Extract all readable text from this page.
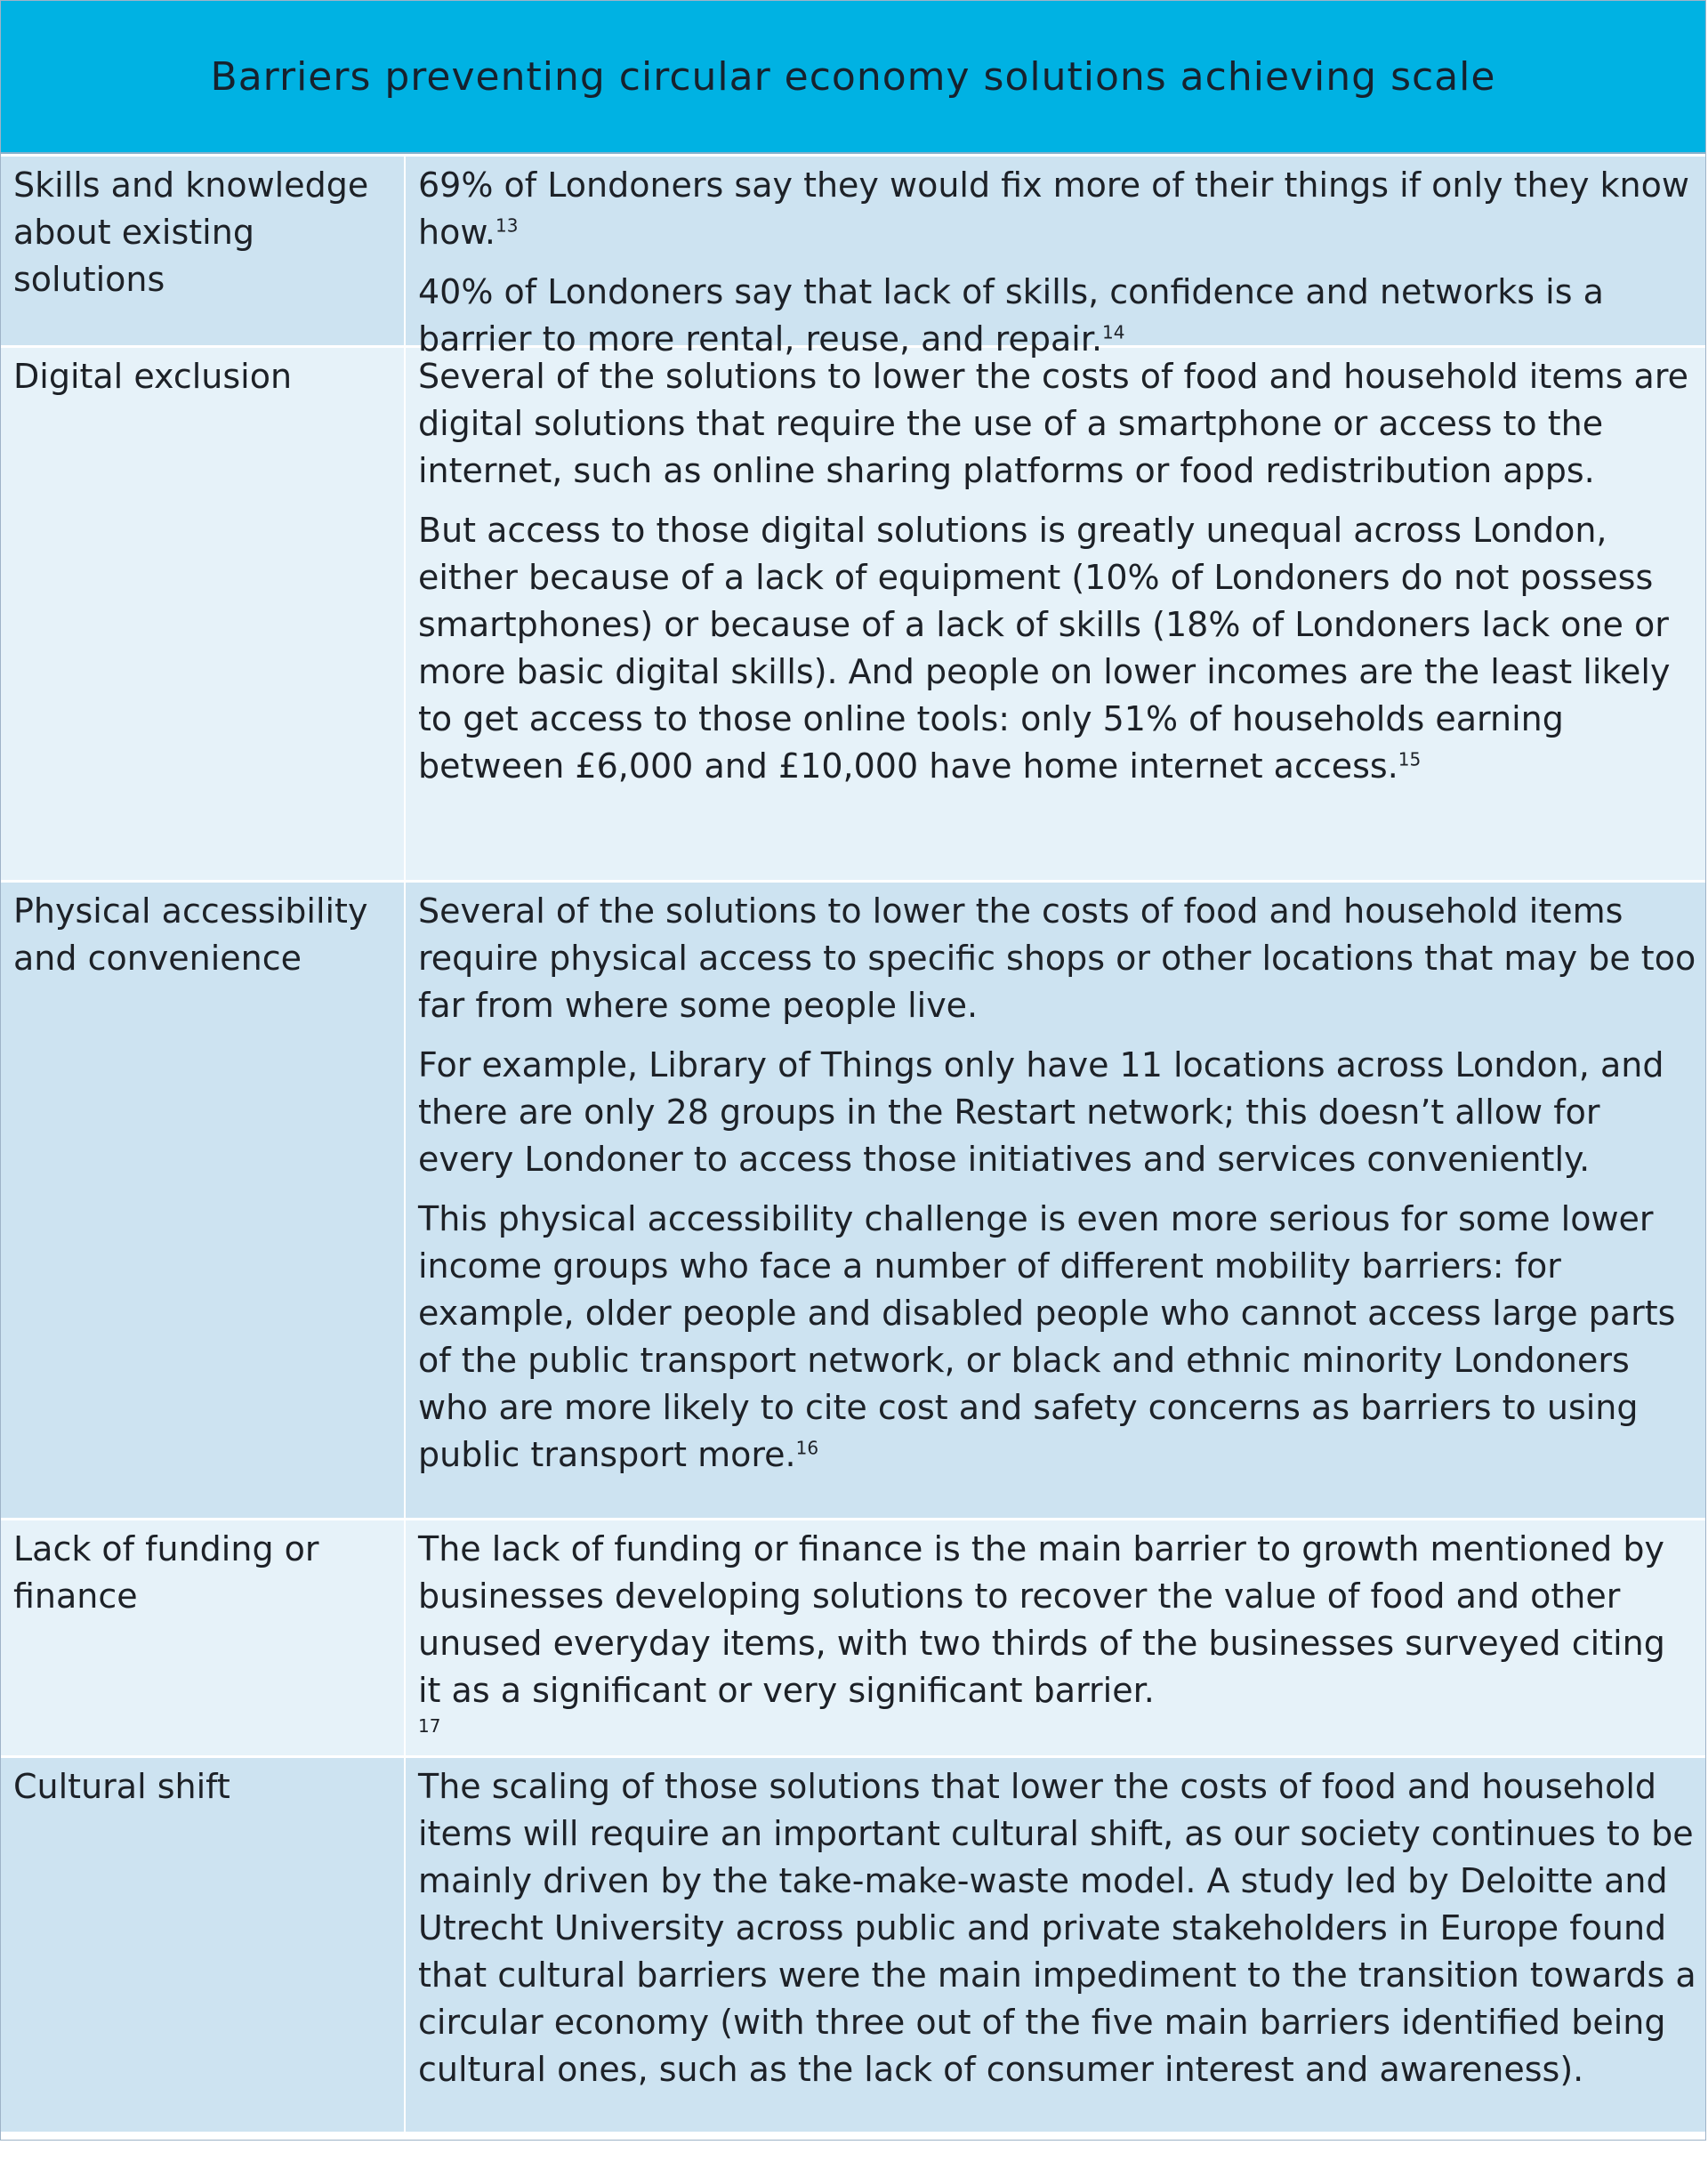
Barriers preventing circular economy solutions achieving scale
Skills and knowledge about existing solutions

69% of Londoners say they would fix more of their things if only they know how.$^{13}$

40% of Londoners say that lack of skills, confidence and networks is a barrier to more rental, reuse, and repair.$^{14}$

Digital exclusion	Several of the solutions to lower the costs of food and household items are digital solutions that require the use of a smartphone or access to the internet, such as online sharing platforms or food redistribution apps.

But access to those digital solutions is greatly unequal across London, either because of a lack of equipment (10% of Londoners do not possess smartphones) or because of a lack of skills (18% of Londoners lack one or more basic digital skills). And people on lower incomes are the least likely to get access to those online tools: only 51% of households earning between £6,000 and £10,000 have home internet access.$^{15}$

Physical accessibility and convenience

Several of the solutions to lower the costs of food and household items require physical access to specific shops or other locations that may be too far from where some people live.

For example, Library of Things only have 11 locations across London, and there are only 28 groups in the Restart network; this doesn’t allow for every Londoner to access those initiatives and services conveniently.

This physical accessibility challenge is even more serious for some lower income groups who face a number of different mobility barriers: for example, older people and disabled people who cannot access large parts of the public transport network, or black and ethnic minority Londoners who are more likely to cite cost and safety concerns as barriers to using public transport more.$^{16}$

Lack of funding or finance

The lack of funding or finance is the main barrier to growth mentioned by businesses developing solutions to recover the value of food and other unused everyday items, with two thirds of the businesses surveyed citing it as a significant or very significant barrier.
17

Cultural shift	The scaling of those solutions that lower the costs of food and household items will require an important cultural shift, as our society continues to be mainly driven by the take-make-waste model. A study led by Deloitte and Utrecht University across public and private stakeholders in Europe found that cultural barriers were the main impediment to the transition towards a circular economy (with three out of the five main barriers identified being cultural ones, such as the lack of consumer interest and awareness).
